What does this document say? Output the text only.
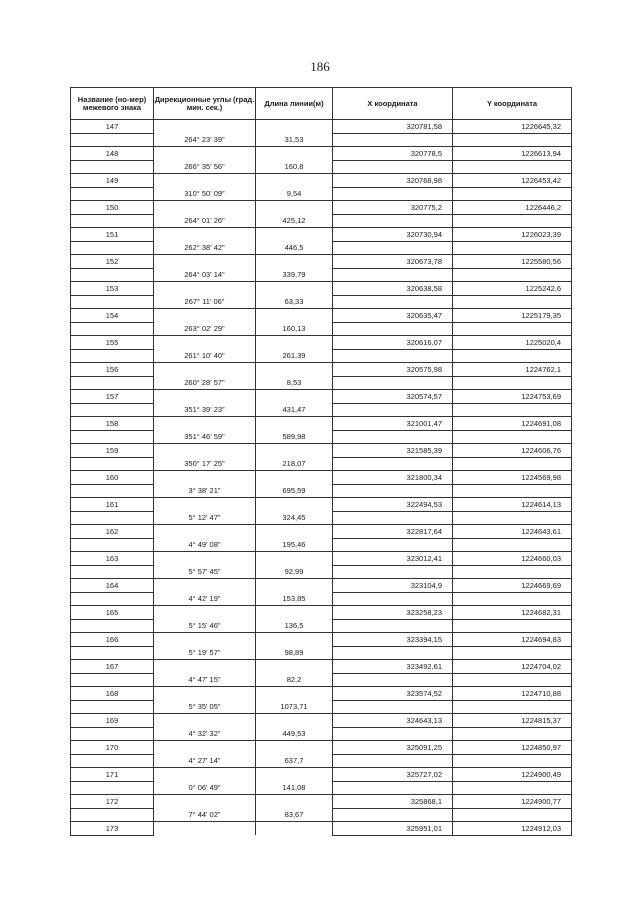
186
Название (но-мер) межевого знака	Дирекционные углы (град. мин. сек.)	Длина линии(м)	X координата	Y координата
147			320781,58	1226645,32
	264° 23' 39"	31,53		
148			320778,5	1226613,94
	266° 35' 56"	160,8		
149			320768,98	1226453,42
	310° 50' 09"	9,54		
150			320775,2	1226446,2
	264° 01' 26"	425,12		
151			320730,94	1226023,39
	262° 38' 42"	446,5		
152			320673,78	1225580,56
	264° 03' 14"	339,79		
153			320638,58	1225242,6
	267° 11' 06"	63,33		
154			320635,47	1225179,35
	263° 02' 29"	160,13		
155			320616,07	1225020,4
	261° 10' 40"	261,39		
156			320575,98	1224762,1
	260° 28' 57"	8,53		
157			320574,57	1224753,69
	351° 39' 23"	431,47		
158			321001,47	1224691,08
	351° 46' 59"	589,98		
159			321585,39	1224606,76
	350° 17' 25"	218,07		
160			321800,34	1224569,98
	3° 38' 21"	695,59		
161			322494,53	1224614,13
	5° 12' 47"	324,45		
162			322817,64	1224643,61
	4° 49' 08"	195,46		
163			323012,41	1224660,03
	5° 57' 45"	92,99		
164			323104,9	1224669,69
	4° 42' 19"	153,85		
165			323258,23	1224682,31
	5° 15' 46"	136,5		
166			323394,15	1224694,83
	5° 19' 57"	98,89		
167			323492,61	1224704,02
	4° 47' 15"	82,2		
168			323574,52	1224710,88
	5° 35' 05"	1073,71		
169			324643,13	1224815,37
	4° 32' 32"	449,53		
170			325091,25	1224850,97
	4° 27' 14"	637,7		
171			325727,02	1224900,49
	0° 06' 49"	141,08		
172			325868,1	1224900,77
	7° 44' 02"	83,67		
173			325951,01	1224912,03
